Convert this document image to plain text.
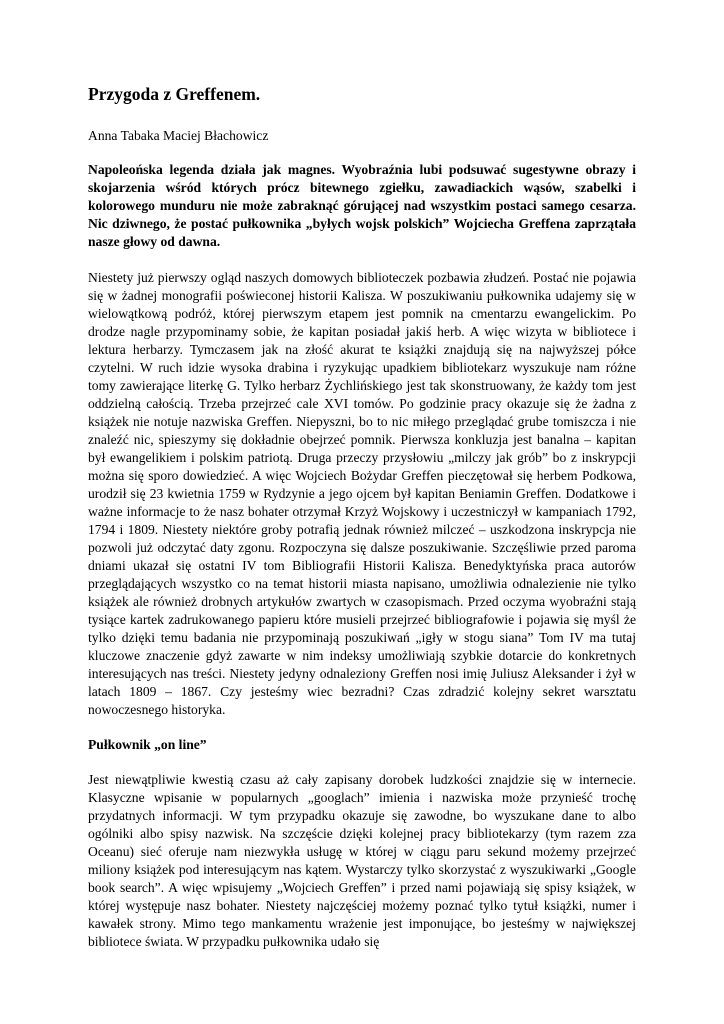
Przygoda z Greffenem.

Anna Tabaka Maciej Błachowicz

Napoleońska legenda działa jak magnes. Wyobraźnia lubi podsuwać sugestywne obrazy i skojarzenia wśród których prócz bitewnego zgiełku, zawadiackich wąsów, szabelki i kolorowego munduru nie może zabraknąć górującej nad wszystkim postaci samego cesarza. Nic dziwnego, że postać pułkownika „byłych wojsk polskich” Wojciecha Greffena zaprzątała nasze głowy od dawna.

Niestety już pierwszy ogląd naszych domowych biblioteczek pozbawia złudzeń. Postać nie pojawia się w żadnej monografii poświeconej historii Kalisza. W poszukiwaniu pułkownika udajemy się w wielowątkową podróż, której pierwszym etapem jest pomnik na cmentarzu ewangelickim. Po drodze nagle przypominamy sobie, że kapitan posiadał jakiś herb. A więc wizyta w bibliotece i lektura herbarzy. Tymczasem jak na złość akurat te książki znajdują się na najwyższej półce czytelni. W ruch idzie wysoka drabina i ryzykując upadkiem bibliotekarz wyszukuje nam różne tomy zawierające literkę G. Tylko herbarz Żychlińskiego jest tak skonstruowany, że każdy tom jest oddzielną całością. Trzeba przejrzeć cale XVI tomów. Po godzinie pracy okazuje się że żadna z książek nie notuje nazwiska Greffen. Niepyszni, bo to nic miłego przeglądać grube tomiszcza i nie znaleźć nic, spieszymy się dokładnie obejrzeć pomnik. Pierwsza konkluzja jest banalna – kapitan był ewangelikiem i polskim patriotą. Druga przeczy przysłowiu „milczy jak grób” bo z inskrypcji można się sporo dowiedzieć. A więc Wojciech Bożydar Greffen pieczętował się herbem Podkowa, urodził się 23 kwietnia 1759 w Rydzynie a jego ojcem był kapitan Beniamin Greffen. Dodatkowe i ważne informacje to że nasz bohater otrzymał Krzyż Wojskowy i uczestniczył w kampaniach 1792, 1794 i 1809. Niestety niektóre groby potrafią jednak również milczeć – uszkodzona inskrypcja nie pozwoli już odczytać daty zgonu. Rozpoczyna się dalsze poszukiwanie. Szczęśliwie przed paroma dniami ukazał się ostatni IV tom Bibliografii Historii Kalisza. Benedyktyńska praca autorów przeglądających wszystko co na temat historii miasta napisano, umożliwia odnalezienie nie tylko książek ale również drobnych artykułów zwartych w czasopismach. Przed oczyma wyobraźni stają tysiące kartek zadrukowanego papieru które musieli przejrzeć bibliografowie i pojawia się myśl że tylko dzięki temu badania nie przypominają poszukiwań „igły w stogu siana” Tom IV ma tutaj kluczowe znaczenie gdyż zawarte w nim indeksy umożliwiają szybkie dotarcie do konkretnych interesujących nas treści. Niestety jedyny odnaleziony Greffen nosi imię Juliusz Aleksander i żył w latach 1809 – 1867. Czy jesteśmy wiec bezradni? Czas zdradzić kolejny sekret warsztatu nowoczesnego historyka.

Pułkownik „on line”

Jest niewątpliwie kwestią czasu aż cały zapisany dorobek ludzkości znajdzie się w internecie. Klasyczne wpisanie w popularnych „googlach” imienia i nazwiska może przynieść trochę przydatnych informacji. W tym przypadku okazuje się zawodne, bo wyszukane dane to albo ogólniki albo spisy nazwisk. Na szczęście dzięki kolejnej pracy bibliotekarzy (tym razem zza Oceanu) sieć oferuje nam niezwykła usługę w której w ciągu paru sekund możemy przejrzeć miliony książek pod interesującym nas kątem. Wystarczy tylko skorzystać z wyszukiwarki „Google book search”. A więc wpisujemy „Wojciech Greffen” i przed nami pojawiają się spisy książek, w której występuje nasz bohater. Niestety najczęściej możemy poznać tylko tytuł książki, numer i kawałek strony. Mimo tego mankamentu wrażenie jest imponujące, bo jesteśmy w największej bibliotece świata. W przypadku pułkownika udało się
